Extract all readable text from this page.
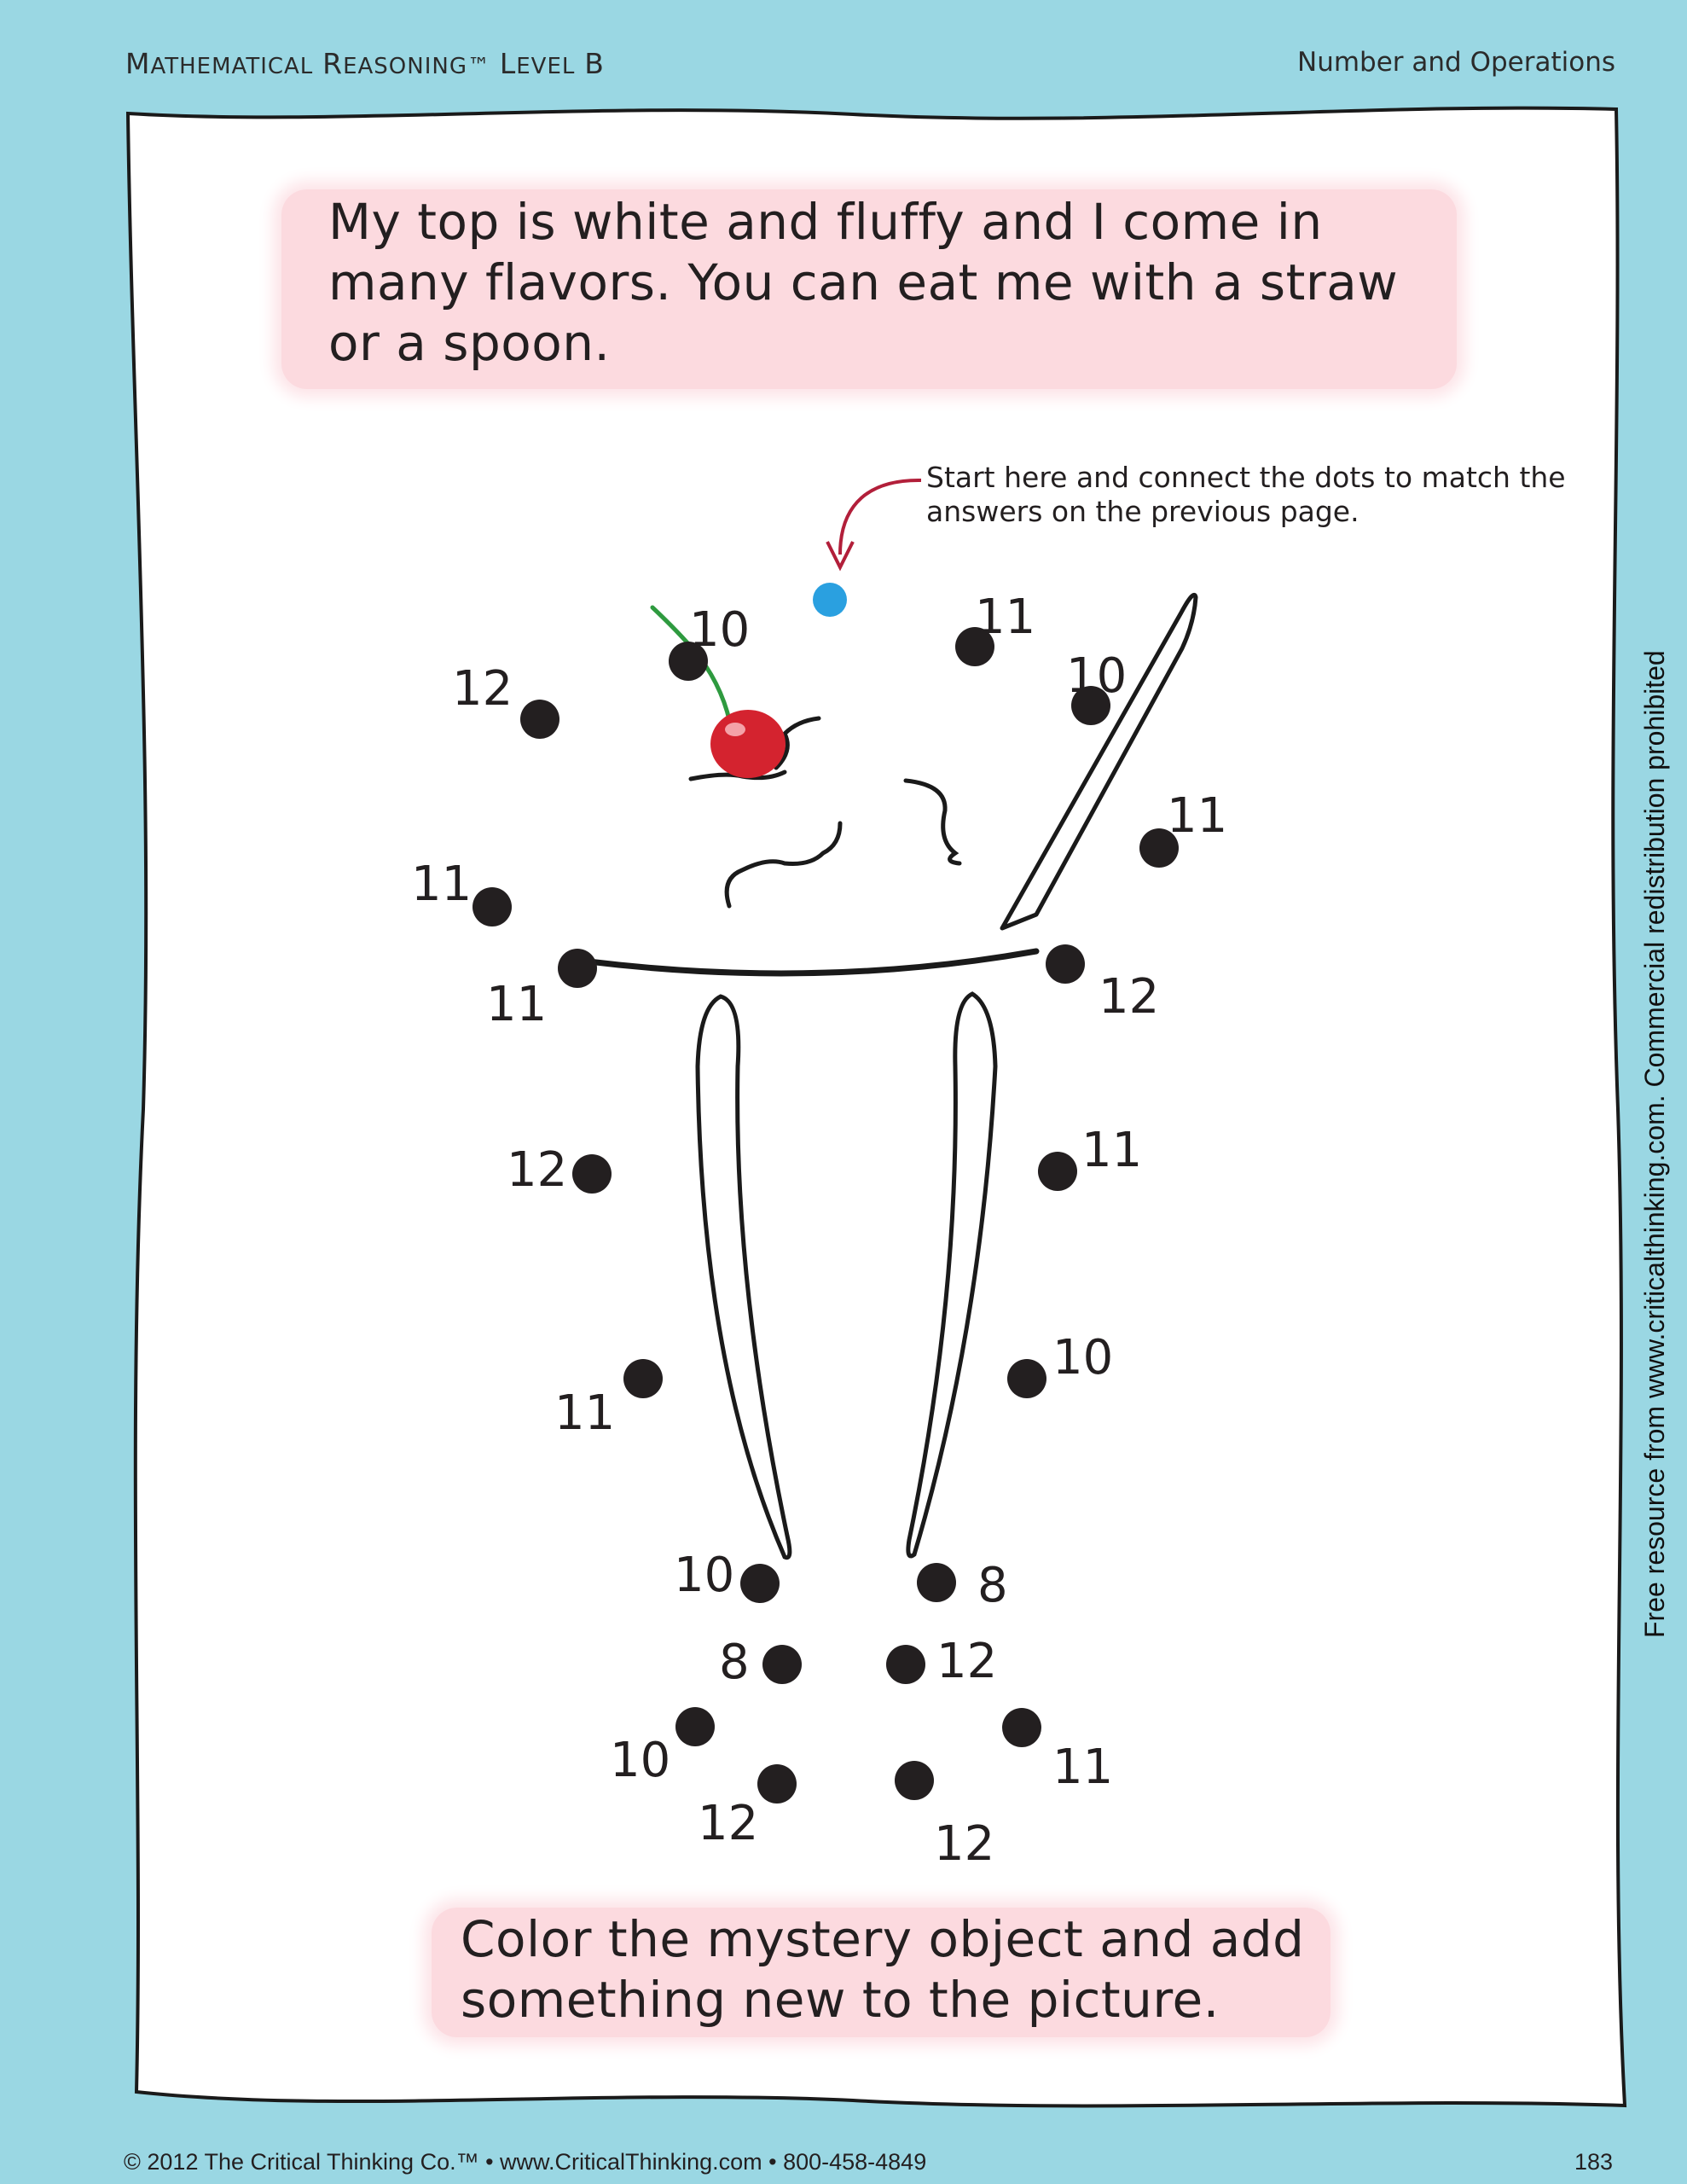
MATHEMATICAL REASONING™ LEVEL B	Number and Operations
My top is white and fluffy and I come in
many flavors. You can eat me with a straw
or a spoon.
Start here and connect the dots to match the
answers on the previous page.
10
12
11
10
11
11
11	12
12	11
11
10
10	8
8	12
10	11
12	12
Color the mystery object and add
something new to the picture.
Free resource from www.criticalthinking.com. Commercial redistribution prohibited
© 2012 The Critical Thinking Co.™ • www.CriticalThinking.com • 800-458-4849	183
